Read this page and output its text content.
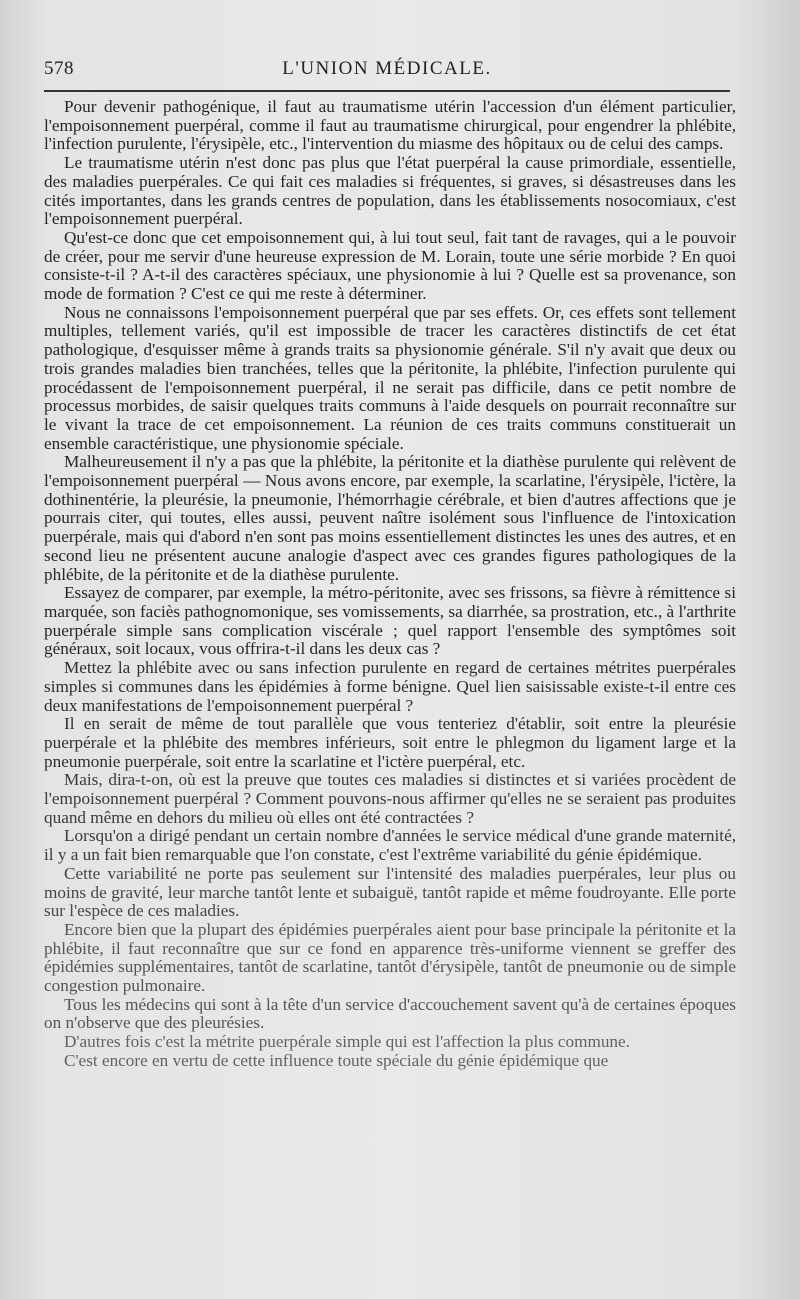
578	L'UNION MÉDICALE.

Pour devenir pathogénique, il faut au traumatisme utérin l'accession d'un élément particulier, l'empoisonnement puerpéral, comme il faut au traumatisme chirurgical, pour engendrer la phlébite, l'infection purulente, l'érysipèle, etc., l'intervention du miasme des hôpitaux ou de celui des camps.

Le traumatisme utérin n'est donc pas plus que l'état puerpéral la cause primordiale, essentielle, des maladies puerpérales. Ce qui fait ces maladies si fréquentes, si graves, si désastreuses dans les cités importantes, dans les grands centres de population, dans les établissements nosocomiaux, c'est l'empoisonnement puerpéral.

Qu'est-ce donc que cet empoisonnement qui, à lui tout seul, fait tant de ravages, qui a le pouvoir de créer, pour me servir d'une heureuse expression de M. Lorain, toute une série morbide ? En quoi consiste-t-il ? A-t-il des caractères spéciaux, une physionomie à lui ? Quelle est sa provenance, son mode de formation ? C'est ce qui me reste à déterminer.

Nous ne connaissons l'empoisonnement puerpéral que par ses effets. Or, ces effets sont tellement multiples, tellement variés, qu'il est impossible de tracer les caractères distinctifs de cet état pathologique, d'esquisser même à grands traits sa physionomie générale. S'il n'y avait que deux ou trois grandes maladies bien tranchées, telles que la péritonite, la phlébite, l'infection purulente qui procédassent de l'empoisonnement puerpéral, il ne serait pas difficile, dans ce petit nombre de processus morbides, de saisir quelques traits communs à l'aide desquels on pourrait reconnaître sur le vivant la trace de cet empoisonnement. La réunion de ces traits communs constituerait un ensemble caractéristique, une physionomie spéciale.

Malheureusement il n'y a pas que la phlébite, la péritonite et la diathèse purulente qui relèvent de l'empoisonnement puerpéral — Nous avons encore, par exemple, la scarlatine, l'érysipèle, l'ictère, la dothinentérie, la pleurésie, la pneumonie, l'hémorrhagie cérébrale, et bien d'autres affections que je pourrais citer, qui toutes, elles aussi, peuvent naître isolément sous l'influence de l'intoxication puerpérale, mais qui d'abord n'en sont pas moins essentiellement distinctes les unes des autres, et en second lieu ne présentent aucune analogie d'aspect avec ces grandes figures pathologiques de la phlébite, de la péritonite et de la diathèse purulente.

Essayez de comparer, par exemple, la métro-péritonite, avec ses frissons, sa fièvre à rémittence si marquée, son faciès pathognomonique, ses vomissements, sa diarrhée, sa prostration, etc., à l'arthrite puerpérale simple sans complication viscérale ; quel rapport l'ensemble des symptômes soit généraux, soit locaux, vous offrira-t-il dans les deux cas ?

Mettez la phlébite avec ou sans infection purulente en regard de certaines métrites puerpérales simples si communes dans les épidémies à forme bénigne. Quel lien saisissable existe-t-il entre ces deux manifestations de l'empoisonnement puerpéral ?

Il en serait de même de tout parallèle que vous tenteriez d'établir, soit entre la pleurésie puerpérale et la phlébite des membres inférieurs, soit entre le phlegmon du ligament large et la pneumonie puerpérale, soit entre la scarlatine et l'ictère puerpéral, etc.

Mais, dira-t-on, où est la preuve que toutes ces maladies si distinctes et si variées procèdent de l'empoisonnement puerpéral ? Comment pouvons-nous affirmer qu'elles ne se seraient pas produites quand même en dehors du milieu où elles ont été contractées ?

Lorsqu'on a dirigé pendant un certain nombre d'années le service médical d'une grande maternité, il y a un fait bien remarquable que l'on constate, c'est l'extrême variabilité du génie épidémique.

Cette variabilité ne porte pas seulement sur l'intensité des maladies puerpérales, leur plus ou moins de gravité, leur marche tantôt lente et subaiguë, tantôt rapide et même foudroyante. Elle porte sur l'espèce de ces maladies.

Encore bien que la plupart des épidémies puerpérales aient pour base principale la péritonite et la phlébite, il faut reconnaître que sur ce fond en apparence très-uniforme viennent se greffer des épidémies supplémentaires, tantôt de scarlatine, tantôt d'érysipèle, tantôt de pneumonie ou de simple congestion pulmonaire.

Tous les médecins qui sont à la tête d'un service d'accouchement savent qu'à de certaines époques on n'observe que des pleurésies.

D'autres fois c'est la métrite puerpérale simple qui est l'affection la plus commune.

C'est encore en vertu de cette influence toute spéciale du génie épidémique que
